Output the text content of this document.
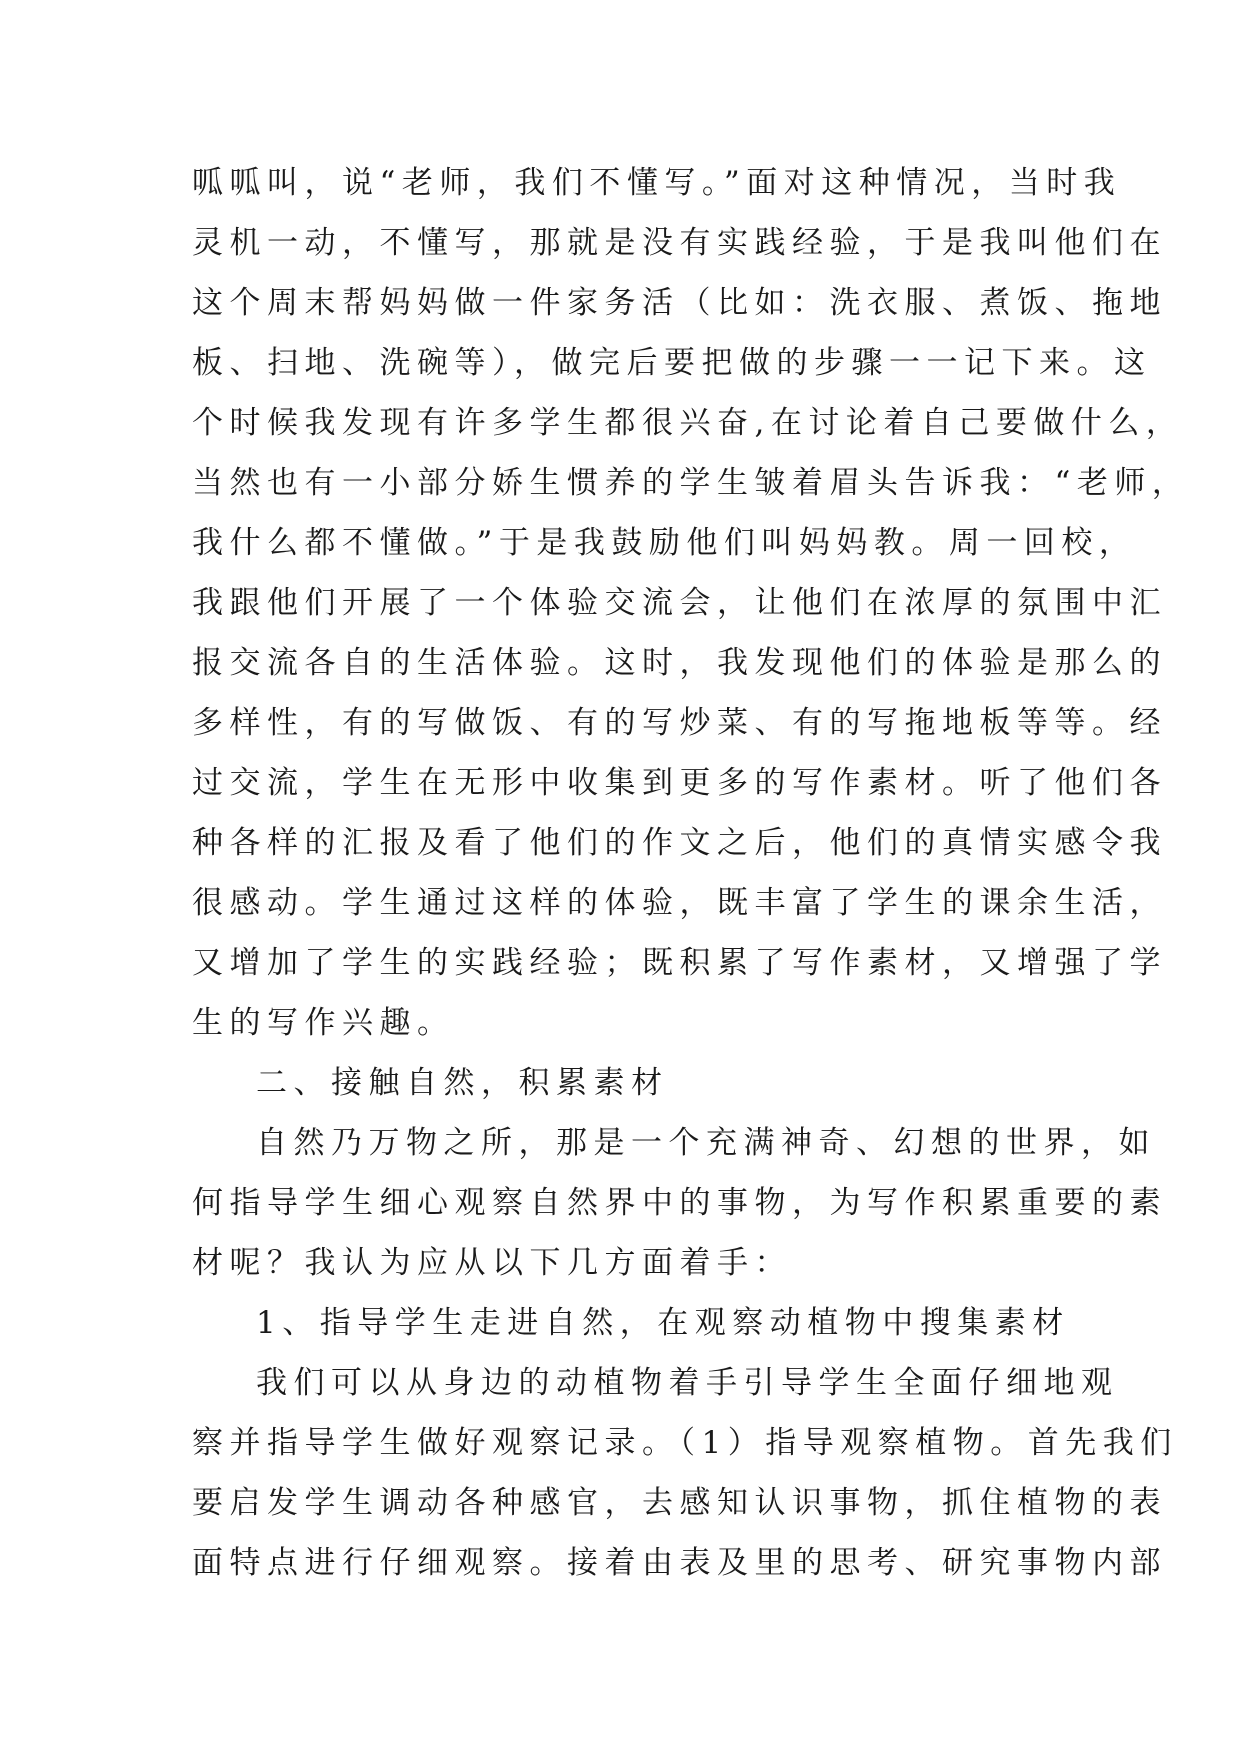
呱呱叫，说“老师，我们不懂写。”面对这种情况，当时我
灵机一动，不懂写，那就是没有实践经验，于是我叫他们在
这个周末帮妈妈做一件家务活（比如：洗衣服、煮饭、拖地
板、扫地、洗碗等），做完后要把做的步骤一一记下来。这
个时候我发现有许多学生都很兴奋,在讨论着自己要做什么，
当然也有一小部分娇生惯养的学生皱着眉头告诉我：“老师，
我什么都不懂做。”于是我鼓励他们叫妈妈教。周一回校，
我跟他们开展了一个体验交流会，让他们在浓厚的氛围中汇
报交流各自的生活体验。这时，我发现他们的体验是那么的
多样性，有的写做饭、有的写炒菜、有的写拖地板等等。经
过交流，学生在无形中收集到更多的写作素材。听了他们各
种各样的汇报及看了他们的作文之后，他们的真情实感令我
很感动。学生通过这样的体验，既丰富了学生的课余生活，
又增加了学生的实践经验；既积累了写作素材，又增强了学
生的写作兴趣。
二、接触自然，积累素材
自然乃万物之所，那是一个充满神奇、幻想的世界，如
何指导学生细心观察自然界中的事物，为写作积累重要的素
材呢？我认为应从以下几方面着手：
1、指导学生走进自然，在观察动植物中搜集素材
我们可以从身边的动植物着手引导学生全面仔细地观
察并指导学生做好观察记录。（1）指导观察植物。首先我们
要启发学生调动各种感官，去感知认识事物，抓住植物的表
面特点进行仔细观察。接着由表及里的思考、研究事物内部
